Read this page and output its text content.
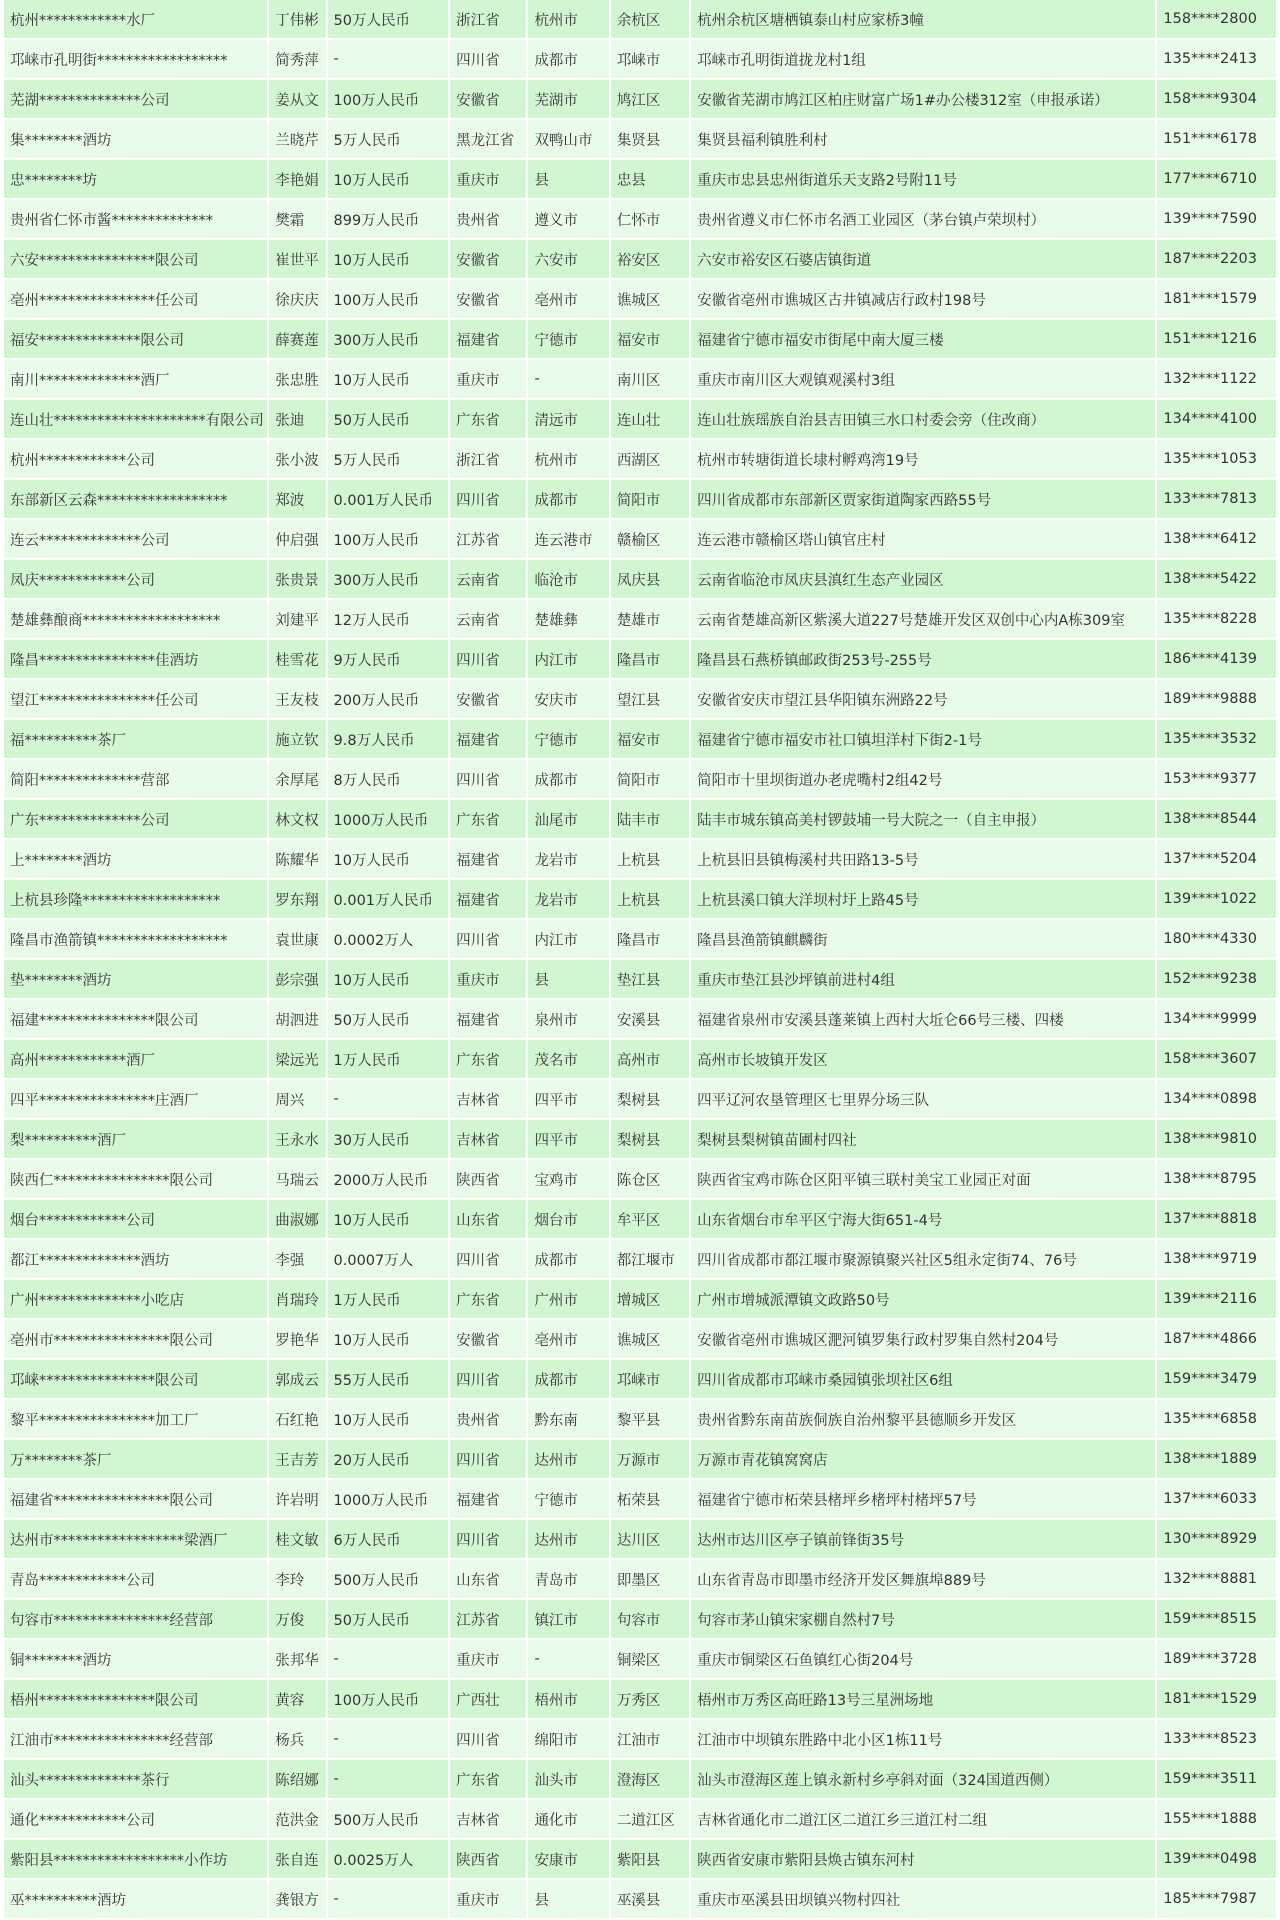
杭州************水厂	丁伟彬	50万人民币	浙江省	杭州市	余杭区	杭州余杭区塘栖镇泰山村应家桥3幢	158****2800
邛崃市孔明街******************	简秀萍	-	四川省	成都市	邛崃市	邛崃市孔明街道拢龙村1组	135****2413
芜湖**************公司	姜从文	100万人民币	安徽省	芜湖市	鸠江区	安徽省芜湖市鸠江区柏庄财富广场1#办公楼312室（申报承诺）	158****9304
集********酒坊	兰晓芹	5万人民币	黑龙江省	双鸭山市	集贤县	集贤县福利镇胜利村	151****6178
忠********坊	李艳娟	10万人民币	重庆市	县	忠县	重庆市忠县忠州街道乐天支路2号附11号	177****6710
贵州省仁怀市酱**************	樊霜	899万人民币	贵州省	遵义市	仁怀市	贵州省遵义市仁怀市名酒工业园区（茅台镇卢荣坝村）	139****7590
六安****************限公司	崔世平	10万人民币	安徽省	六安市	裕安区	六安市裕安区石婆店镇街道	187****2203
亳州****************任公司	徐庆庆	100万人民币	安徽省	亳州市	谯城区	安徽省亳州市谯城区古井镇减店行政村198号	181****1579
福安**************限公司	薛赛莲	300万人民币	福建省	宁德市	福安市	福建省宁德市福安市街尾中南大厦三楼	151****1216
南川**************酒厂	张忠胜	10万人民币	重庆市	-	南川区	重庆市南川区大观镇观溪村3组	132****1122
连山壮*********************有限公司	张迪	50万人民币	广东省	清远市	连山壮	连山壮族瑶族自治县吉田镇三水口村委会旁（住改商）	134****4100
杭州************公司	张小波	5万人民币	浙江省	杭州市	西湖区	杭州市转塘街道长埭村孵鸡湾19号	135****1053
东部新区云森******************	郑波	0.001万人民币	四川省	成都市	简阳市	四川省成都市东部新区贾家街道陶家西路55号	133****7813
连云**************公司	仲启强	100万人民币	江苏省	连云港市	赣榆区	连云港市赣榆区塔山镇官庄村	138****6412
凤庆************公司	张贵景	300万人民币	云南省	临沧市	凤庆县	云南省临沧市凤庆县滇红生态产业园区	138****5422
楚雄彝酿商*******************	刘建平	12万人民币	云南省	楚雄彝	楚雄市	云南省楚雄高新区紫溪大道227号楚雄开发区双创中心内A栋309室	135****8228
隆昌****************佳酒坊	桂雪花	9万人民币	四川省	内江市	隆昌市	隆昌县石燕桥镇邮政街253号-255号	186****4139
望江****************任公司	王友枝	200万人民币	安徽省	安庆市	望江县	安徽省安庆市望江县华阳镇东洲路22号	189****9888
福**********茶厂	施立钦	9.8万人民币	福建省	宁德市	福安市	福建省宁德市福安市社口镇坦洋村下街2-1号	135****3532
简阳**************营部	余厚尾	8万人民币	四川省	成都市	简阳市	简阳市十里坝街道办老虎嘴村2组42号	153****9377
广东**************公司	林文权	1000万人民币	广东省	汕尾市	陆丰市	陆丰市城东镇高美村锣鼓埔一号大院之一（自主申报）	138****8544
上********酒坊	陈耀华	10万人民币	福建省	龙岩市	上杭县	上杭县旧县镇梅溪村共田路13-5号	137****5204
上杭县珍隆*******************	罗东翔	0.001万人民币	福建省	龙岩市	上杭县	上杭县溪口镇大洋坝村圩上路45号	139****1022
隆昌市渔箭镇******************	袁世康	0.0002万人	四川省	内江市	隆昌市	隆昌县渔箭镇麒麟街	180****4330
垫********酒坊	彭宗强	10万人民币	重庆市	县	垫江县	重庆市垫江县沙坪镇前进村4组	152****9238
福建****************限公司	胡泗进	50万人民币	福建省	泉州市	安溪县	福建省泉州市安溪县蓬莱镇上西村大坵仑66号三楼、四楼	134****9999
高州************酒厂	梁远光	1万人民币	广东省	茂名市	高州市	高州市长坡镇开发区	158****3607
四平****************庄酒厂	周兴	-	吉林省	四平市	梨树县	四平辽河农垦管理区七里界分场三队	134****0898
梨**********酒厂	王永水	30万人民币	吉林省	四平市	梨树县	梨树县梨树镇苗圃村四社	138****9810
陕西仁****************限公司	马瑞云	2000万人民币	陕西省	宝鸡市	陈仓区	陕西省宝鸡市陈仓区阳平镇三联村美宝工业园正对面	138****8795
烟台************公司	曲淑娜	10万人民币	山东省	烟台市	牟平区	山东省烟台市牟平区宁海大街651-4号	137****8818
都江**************酒坊	李强	0.0007万人	四川省	成都市	都江堰市	四川省成都市都江堰市聚源镇聚兴社区5组永定街74、76号	138****9719
广州**************小吃店	肖瑞玲	1万人民币	广东省	广州市	增城区	广州市增城派潭镇文政路50号	139****2116
亳州市****************限公司	罗艳华	10万人民币	安徽省	亳州市	谯城区	安徽省亳州市谯城区淝河镇罗集行政村罗集自然村204号	187****4866
邛崃****************限公司	郭成云	55万人民币	四川省	成都市	邛崃市	四川省成都市邛崃市桑园镇张坝社区6组	159****3479
黎平****************加工厂	石红艳	10万人民币	贵州省	黔东南	黎平县	贵州省黔东南苗族侗族自治州黎平县德顺乡开发区	135****6858
万********茶厂	王吉芳	20万人民币	四川省	达州市	万源市	万源市青花镇窝窝店	138****1889
福建省****************限公司	许岩明	1000万人民币	福建省	宁德市	柘荣县	福建省宁德市柘荣县楮坪乡楮坪村楮坪57号	137****6033
达州市******************梁酒厂	桂文敏	6万人民币	四川省	达州市	达川区	达州市达川区亭子镇前锋街35号	130****8929
青岛************公司	李玲	500万人民币	山东省	青岛市	即墨区	山东省青岛市即墨市经济开发区舞旗埠889号	132****8881
句容市****************经营部	万俊	50万人民币	江苏省	镇江市	句容市	句容市茅山镇宋家棚自然村7号	159****8515
铜********酒坊	张邦华	-	重庆市	-	铜梁区	重庆市铜梁区石鱼镇红心街204号	189****3728
梧州****************限公司	黄容	100万人民币	广西壮	梧州市	万秀区	梧州市万秀区高旺路13号三星洲场地	181****1529
江油市****************经营部	杨兵	-	四川省	绵阳市	江油市	江油市中坝镇东胜路中北小区1栋11号	133****8523
汕头**************茶行	陈绍娜	-	广东省	汕头市	澄海区	汕头市澄海区莲上镇永新村乡亭斜对面（324国道西侧）	159****3511
通化************公司	范洪金	500万人民币	吉林省	通化市	二道江区	吉林省通化市二道江区二道江乡三道江村二组	155****1888
紫阳县******************小作坊	张自连	0.0025万人	陕西省	安康市	紫阳县	陕西省安康市紫阳县焕古镇东河村	139****0498
巫**********酒坊	龚银方	-	重庆市	县	巫溪县	重庆市巫溪县田坝镇兴物村四社	185****7987
